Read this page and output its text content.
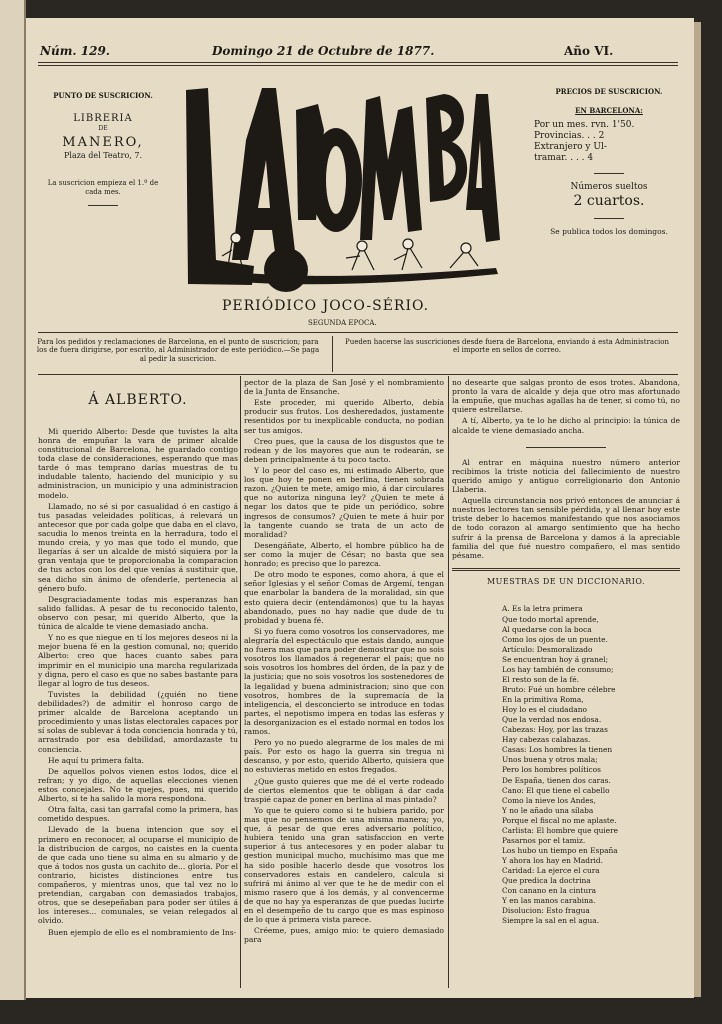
Núm. 129.	Domingo 21 de Octubre de 1877.	Año VI.
PUNTO DE SUSCRICION.
LIBRERIA
DE
MANERO,
Plaza del Teatro, 7.
La suscricion empieza el 1.º de cada mes.
PERIÓDICO JOCO-SÉRIO.
SEGUNDA EPOCA.
PRECIOS DE SUSCRICION.
EN BARCELONA:
Por un mes. rvn. 1'50.
Provincias. . . 2
Extranjero y Ul-
tramar. . . . 4
Números sueltos
2 cuartos.
Se publica todos los domingos.
Para los pedidos y reclamaciones de Barcelona, en el punto de suscricion; para los de fuera dirigirse, por escrito, al Administrador de este periódico.—Se paga al pedir la suscricion.
Pueden hacerse las suscriciones desde fuera de Barcelona, enviando á esta Administracion el importe en sellos de correo.
Á ALBERTO.

Mi querido Alberto: Desde que tuvistes la alta honra de empuñar la vara de primer alcalde constitucional de Barcelona, he guardado contigo toda clase de consideraciones, esperando que mas tarde ó mas temprano darías muestras de tu indudable talento, haciendo del municipio y su administracion, un municipio y una administracion modelo.

Llamado, no sé si por casualidad ó en castigo á tus pasadas veleidades políticas, á relevará un antecesor que por cada golpe que daba en el clavo, sacudia lo menos treinta en la herradura, todo el mundo creia, y yo mas que todo el mundo, que llegarías á ser un alcalde de mistó siquiera por la gran ventaja que te proporcionaba la comparacion de tus actos con los del que venías á sustituir que, sea dicho sin ánimo de ofenderle, pertenecia al género bufo.

Desgraciadamente todas mis esperanzas han salido fallidas. A pesar de tu reconocido talento, observo con pesar, mi querido Alberto, que la túnica de alcalde te viene demasiado ancha.

Y no es que niegue en tí los mejores deseos ni la mejor buena fé en la gestion comunal, no; querido Alberto: creo que haces cuanto sabes para imprimir en el municipio una marcha regularizada y digna, pero el caso es que no sabes bastante para llegar al logro de tus deseos.

Tuvistes la debilidad (¿quién no tiene debilidades?) de admitir el honroso cargo de primer alcalde de Barcelona aceptando un procedimiento y unas listas electorales capaces por sí solas de sublevar á toda conciencia honrada y tú, arrastrado por esa debilidad, amordazaste tu conciencia.

He aquí tu primera falta.

De aquellos polvos vienen estos lodos, dice el refran; y yo digo, de aquellas elecciones vienen estos concejales. No te quejes, pues, mi querido Alberto, si te ha salido la mora respondona.

Otra falta, casi tan garrafal como la primera, has cometido despues.

Llevado de la buena intencion que soy el primero en reconocer, al ocuparse el municipio de la distribucion de cargos, no caistes en la cuenta de que cada uno tiene su alma en su almario y de que á todos nos gusta un cachito de... gloria. Por el contrario, hicistes distinciones entre tus compañeros, y mientras unos, que tal vez no lo pretendian, cargaban con demasiados trabajos, otros, que se desepeñaban para poder ser útiles á los intereses... comunales, se veian relegados al olvido.

Buen ejemplo de ello es el nombramiento de Ins-

pector de la plaza de San José y el nombramiento de la Junta de Ensanche.

Este proceder, mi querido Alberto, debía producir sus frutos. Los desheredados, justamente resentidos por tu inexplicable conducta, no podian ser tus amigos.

Creo pues, que la causa de los disgustos que te rodean y de los mayores que aun te rodearán, se deben principalmente á tu poco tacto.

Y lo peor del caso es, mi estimado Alberto, que los que hoy te ponen en berlina, tienen sobrada razon. ¿Quien te mete, amigo mio, á dar circulares que no autoriza ninguna ley? ¿Quien te mete á negar los datos que te pide un periódico, sobre ingresos de consumos? ¿Quien te mete á huir por la tangente cuando se trata de un acto de moralidad?

Desengáñate, Alberto, el hombre público ha de ser como la mujer de César; no basta que sea honrado; es preciso que lo parezca.

De otro modo te espones, como ahora, á que el señor Iglesias y el señor Comas de Argemí, tengan que enarbolar la bandera de la moralidad, sin que esto quiera decir (entendámonos) que tu la hayas abandonado, pues no hay nadie que dude de tu probidad y buena fé.

Si yo fuera como vosotros los conservadores, me alegraría del espectáculo que estais dando, aunque no fuera mas que para poder demostrar que no sois vosotros los llamados á regenerar el país; que no sois vosotros los hombres del órden, de la paz y de la justicia; que no sois vosotros los sostenedores de la legalidad y buena administracion; sino que con vosotros, hombres de la supremacía de la inteligencia, el desconcierto se introduce en todas partes, el nepotismo impera en todas las esferas y la desorganizacion es el estado normal en todos los ramos.

Pero yo no puedo alegrarme de los males de mi país. Por esto os hago la guerra sin tregua ni descanso, y por esto, querido Alberto, quisiera que no estuvieras metido en estos fregados.

¿Que gusto quieres que me dé el verte rodeado de ciertos elementos que te obligan á dar cada traspié capaz de poner en berlina al mas pintado?

Yo que te quiero como si te hubiera parido, por mas que no pensemos de una misma manera; yo, que, á pesar de que eres adversario político, hubiera tenido una gran satisfaccion en verte superior á tus antecesores y en poder alabar tu gestion municipal mucho, muchísimo mas que me ha sido posible hacerlo desde que vosotros los conservadores estais en candelero, calcula si sufrirá mi ánimo al ver que te he de medir con el mismo rasero que á los demás, y al convencerme de que no hay ya esperanzas de que puedas lucirte en el desempeño de tu cargo que es mas espinoso de lo que á primera vista parece.

Créeme, pues, amigo mio: te quiero demasiado para

no desearte que salgas pronto de esos trotes. Abandona, pronto la vara de alcalde y deja que otro mas afortunado la empuñe, que muchas agallas ha de tener, si como tú, no quiere estrellarse.

A tí, Alberto, ya te lo he dicho al principio: la túnica de alcalde te viene demasiado ancha.

Al entrar en máquina nuestro número anterior recibimos la triste noticia del fallecimiento de nuestro querido amigo y antiguo correligionario don Antonio Llaberia.

Aquella circunstancia nos privó entonces de anunciar á nuestros lectores tan sensible pérdida, y al llenar hoy este triste deber lo hacemos manifestando que nos asociamos de todo corazon al amargo sentimiento que ha hecho sufrir á la prensa de Barcelona y damos á la apreciable familia del que fué nuestro compañero, el mas sentido pésame.

MUESTRAS DE UN DICCIONARIO.

A. Es la letra primera

Que todo mortal aprende,

Al quedarse con la boca

Como los ojos de un puente.

Artículo: Desmoralizado

Se encuentran hoy á granel;

Los hay también de consumo;

El resto son de la fé.

Bruto: Fué un hombre célebre

En la primitiva Roma,

Hoy lo es el ciudadano

Que la verdad nos endosa.

Cabezas: Hoy, por las trazas

Hay cabezas calabazas.

Casas: Los hombres la tienen

Unos buena y otros mala;

Pero los hombres políticos

De España, tienen dos caras.

Cano: El que tiene el cabello

Como la nieve los Andes,

Y no le añado una sílaba

Porque el fiscal no me aplaste.

Carlista: El hombre que quiere

Pasarnos por el tamiz.

Los hubo un tiempo en España

Y ahora los hay en Madrid.

Caridad: La ejerce el cura

Que predica la doctrina

Con canano en la cintura

Y en las manos carabina.

Disolucion: Esto fragua

Siempre la sal en el agua.
